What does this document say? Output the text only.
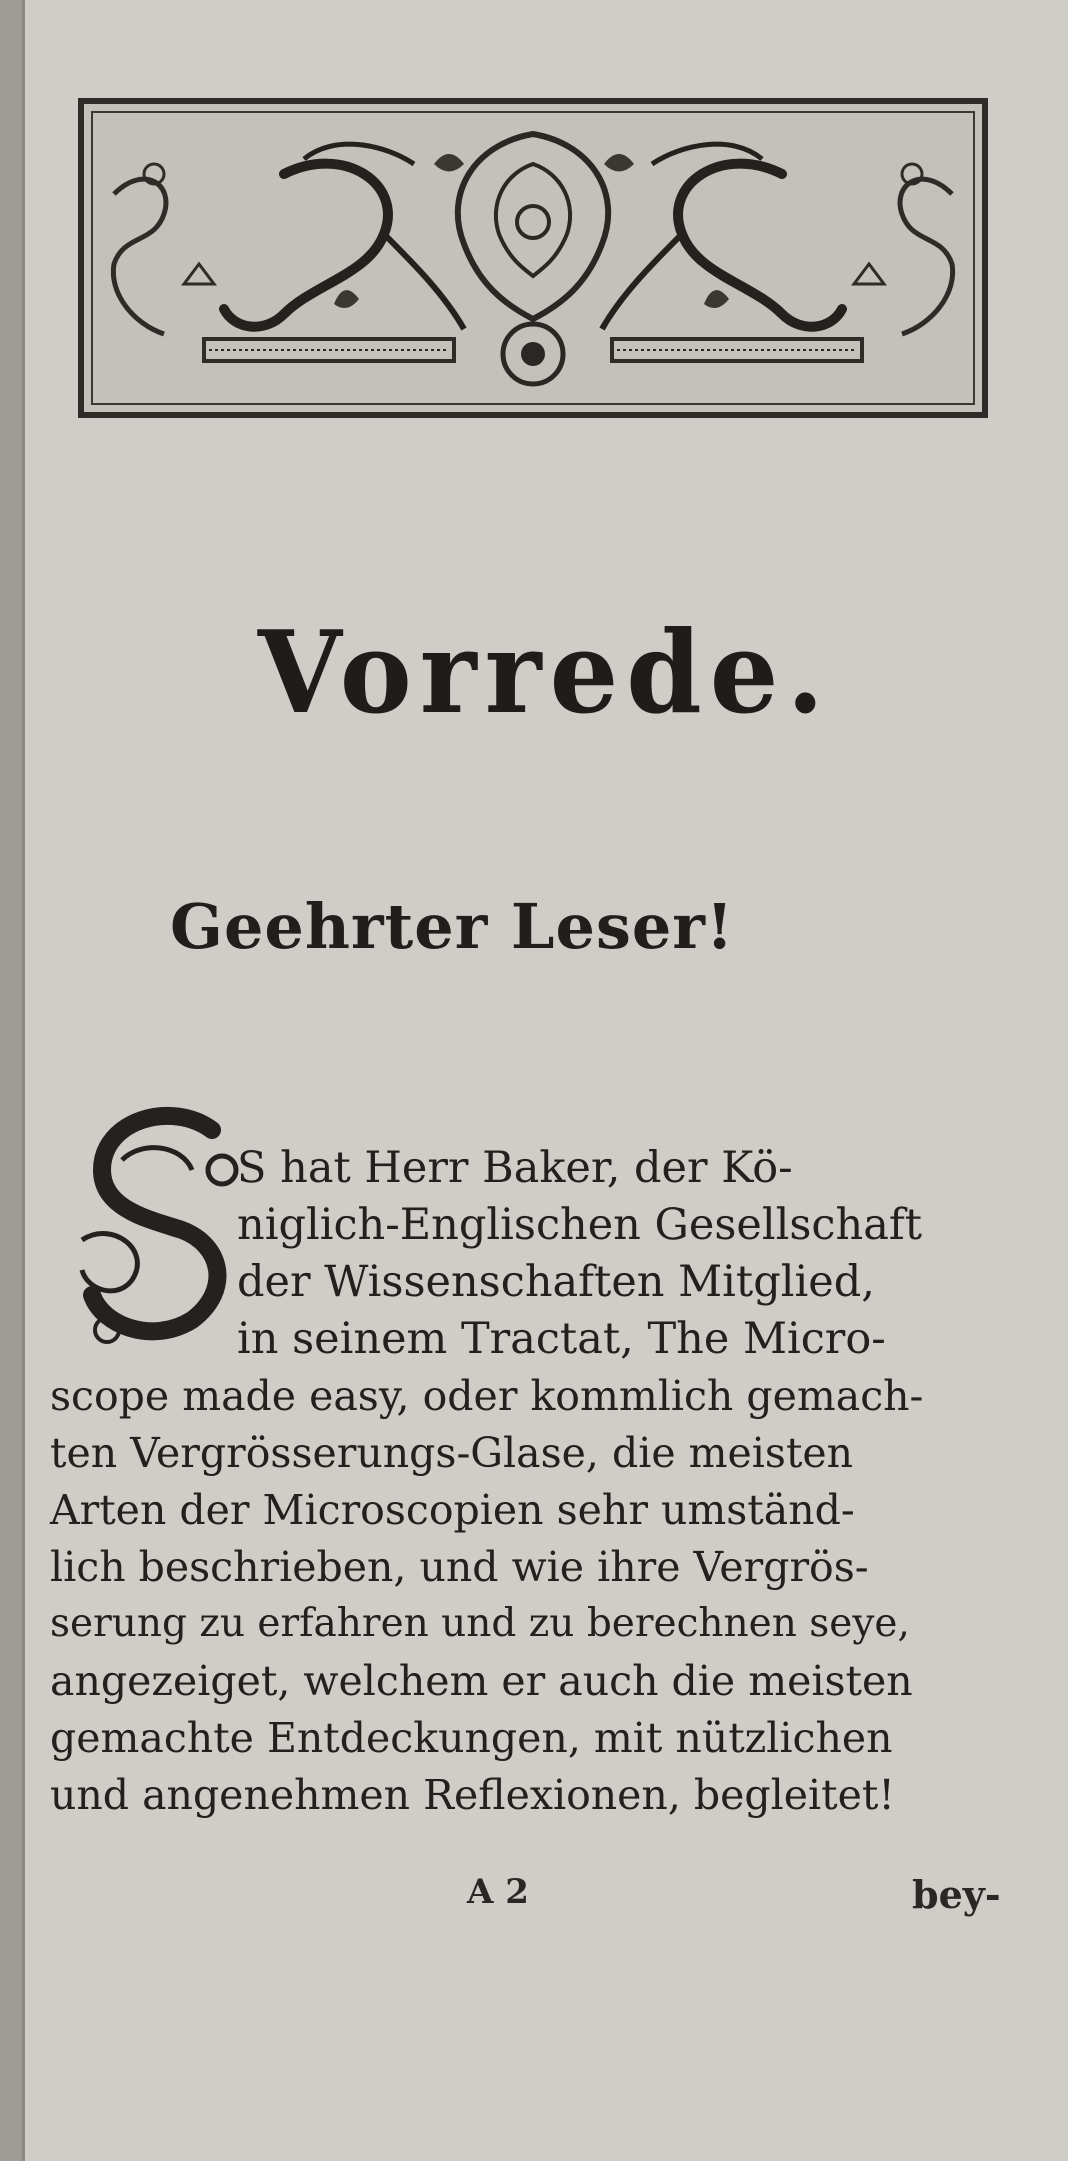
Vorrede.
Geehrter Leser!
E
S hat Herr Baker, der Kö-
niglich-Englischen Gesellschaft
der Wissenschaften Mitglied,
in seinem Tractat, The Micro-
scope made easy, oder kommlich gemach-
ten Vergrösserungs-Glase, die meisten
Arten der Microscopien sehr umständ-
lich beschrieben, und wie ihre Vergrös-
serung zu erfahren und zu berechnen seye,
angezeiget, welchem er auch die meisten
gemachte Entdeckungen, mit nützlichen
und angenehmen Reflexionen, begleitet!
A 2	bey-
